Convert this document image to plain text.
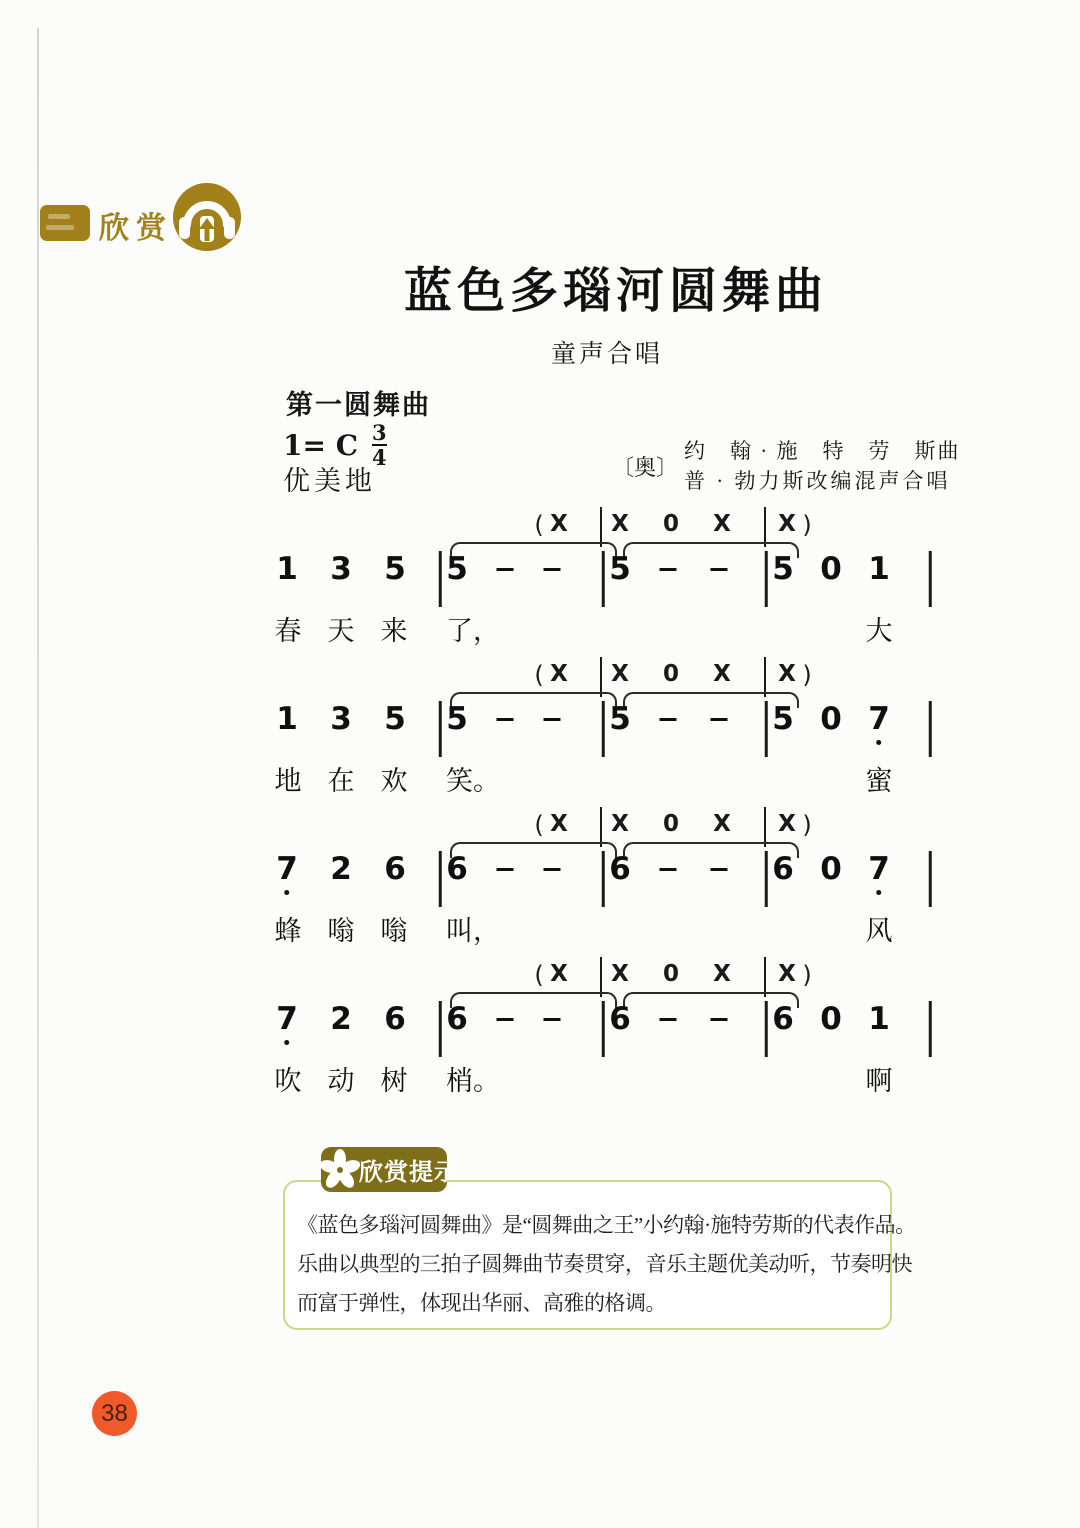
欣赏
蓝色多瑙河圆舞曲
童声合唱
第一圆舞曲
1= C $\frac{3}{4}$
优美地	〔奥〕
约　翰 · 施　特　劳　斯曲
普 · 勃力斯改编混声合唱
( X X 0 X X )
1 3 5 5	5	5 0 1
春 天 来 了，	大
( X X 0 X X )
1 3 5 5	5	5 0 7
地 在 欢 笑。	蜜
( X X 0 X X )
7 2 6 6	6	6 0 7
蜂 嗡 嗡 叫，	风
( X X 0 X X )
7 2 6 6	6	6 0 1
吹 动 树 梢。	啊
欣赏提示
《蓝色多瑙河圆舞曲》是“圆舞曲之王”小约翰·施特劳斯的代表作品。
乐曲以典型的三拍子圆舞曲节奏贯穿，音乐主题优美动听，节奏明快
而富于弹性，体现出华丽、高雅的格调。
38
